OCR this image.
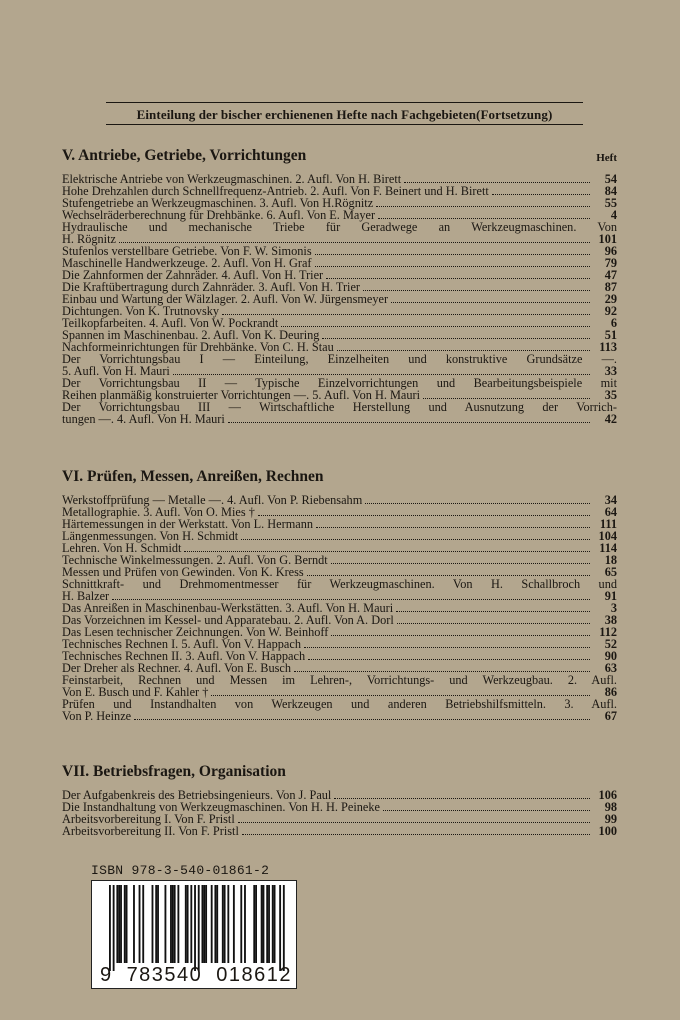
Einteilung der bischer erchienenen Hefte nach Fachgebieten(Fortsetzung)
V. Antriebe, Getriebe, Vorrichtungen	Heft
Elektrische Antriebe von Werkzeugmaschinen. 2. Aufl. Von H. Birett	54
Hohe Drehzahlen durch Schnellfrequenz-Antrieb. 2. Aufl. Von F. Beinert und H. Birett	84
Stufengetriebe an Werkzeugmaschinen. 3. Aufl. Von H.Rögnitz	55
Wechselräderberechnung für Drehbänke. 6. Aufl. Von E. Mayer	4
Hydraulische und mechanische Triebe für Geradwege an Werkzeugmaschinen. Von
H. Rögnitz	101
Stufenlos verstellbare Getriebe. Von F. W. Simonis	96
Maschinelle Handwerkzeuge. 2. Aufl. Von H. Graf	79
Die Zahnformen der Zahnräder. 4. Aufl. Von H. Trier	47
Die Kraftübertragung durch Zahnräder. 3. Aufl. Von H. Trier	87
Einbau und Wartung der Wälzlager. 2. Aufl. Von W. Jürgensmeyer	29
Dichtungen. Von K. Trutnovsky	92
Teilkopfarbeiten. 4. Aufl. Von W. Pockrandt	6
Spannen im Maschinenbau. 2. Aufl. Von K. Deuring	51
Nachformeinrichtungen für Drehbänke. Von C. H. Stau	113
Der Vorrichtungsbau I — Einteilung, Einzelheiten und konstruktive Grundsätze —.
5. Aufl. Von H. Mauri	33
Der Vorrichtungsbau II — Typische Einzelvorrichtungen und Bearbeitungsbeispiele mit
Reihen planmäßig konstruierter Vorrichtungen —. 5. Aufl. Von H. Mauri	35
Der Vorrichtungsbau III — Wirtschaftliche Herstellung und Ausnutzung der Vorrich-
tungen —. 4. Aufl. Von H. Mauri	42
VI. Prüfen, Messen, Anreißen, Rechnen
Werkstoffprüfung — Metalle —. 4. Aufl. Von P. Riebensahm	34
Metallographie. 3. Aufl. Von O. Mies †	64
Härtemessungen in der Werkstatt. Von L. Hermann	111
Längenmessungen. Von H. Schmidt	104
Lehren. Von H. Schmidt	114
Technische Winkelmessungen. 2. Aufl. Von G. Berndt	18
Messen und Prüfen von Gewinden. Von K. Kress	65
Schnittkraft- und Drehmomentmesser für Werkzeugmaschinen. Von H. Schallbroch und
H. Balzer	91
Das Anreißen in Maschinenbau-Werkstätten. 3. Aufl. Von H. Mauri	3
Das Vorzeichnen im Kessel- und Apparatebau. 2. Aufl. Von A. Dorl	38
Das Lesen technischer Zeichnungen. Von W. Beinhoff	112
Technisches Rechnen I. 5. Aufl. Von V. Happach	52
Technisches Rechnen II. 3. Aufl. Von V. Happach	90
Der Dreher als Rechner. 4. Aufl. Von E. Busch	63
Feinstarbeit, Rechnen und Messen im Lehren-, Vorrichtungs- und Werkzeugbau. 2. Aufl.
Von E. Busch und F. Kahler †	86
Prüfen und Instandhalten von Werkzeugen und anderen Betriebshilfsmitteln. 3. Aufl.
Von P. Heinze	67
VII. Betriebsfragen, Organisation
Der Aufgabenkreis des Betriebsingenieurs. Von J. Paul	106
Die Instandhaltung von Werkzeugmaschinen. Von H. H. Peineke	98
Arbeitsvorbereitung I. Von F. Pristl	99
Arbeitsvorbereitung II. Von F. Pristl	100
ISBN 978-3-540-01861-2
9 783540 018612
